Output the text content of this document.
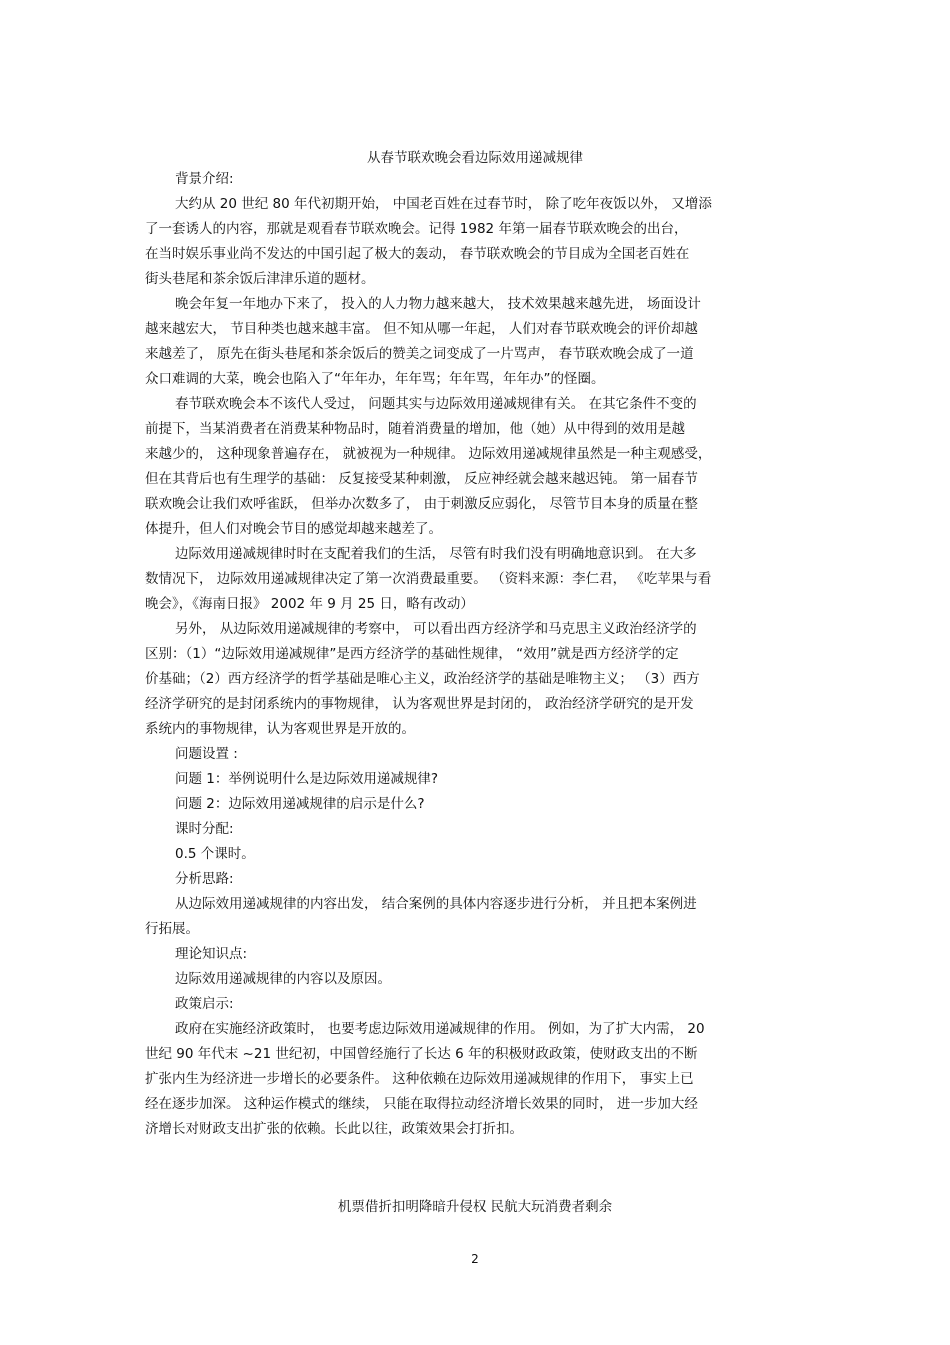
从春节联欢晚会看边际效用递减规律
背景介绍:
大约从 20 世纪 80 年代初期开始， 中国老百姓在过春节时， 除了吃年夜饭以外， 又增添
了一套诱人的内容，那就是观看春节联欢晚会。记得 1982 年第一届春节联欢晚会的出台，
在当时娱乐事业尚不发达的中国引起了极大的轰动， 春节联欢晚会的节目成为全国老百姓在
街头巷尾和茶余饭后津津乐道的题材。
晚会年复一年地办下来了， 投入的人力物力越来越大， 技术效果越来越先进， 场面设计
越来越宏大， 节目种类也越来越丰富。 但不知从哪一年起， 人们对春节联欢晚会的评价却越
来越差了， 原先在街头巷尾和茶余饭后的赞美之词变成了一片骂声， 春节联欢晚会成了一道
众口难调的大菜，晚会也陷入了“年年办，年年骂；年年骂，年年办”的怪圈。
春节联欢晚会本不该代人受过， 问题其实与边际效用递减规律有关。 在其它条件不变的
前提下，当某消费者在消费某种物品时，随着消费量的增加，他（她）从中得到的效用是越
来越少的， 这种现象普遍存在， 就被视为一种规律。 边际效用递减规律虽然是一种主观感受，
但在其背后也有生理学的基础： 反复接受某种刺激， 反应神经就会越来越迟钝。 第一届春节
联欢晚会让我们欢呼雀跃， 但举办次数多了， 由于刺激反应弱化， 尽管节目本身的质量在整
体提升，但人们对晚会节目的感觉却越来越差了。
边际效用递减规律时时在支配着我们的生活， 尽管有时我们没有明确地意识到。 在大多
数情况下， 边际效用递减规律决定了第一次消费最重要。 （资料来源：李仁君， 《吃苹果与看
晚会》，《海南日报》 2002 年 9 月 25 日，略有改动）
另外， 从边际效用递减规律的考察中， 可以看出西方经济学和马克思主义政治经济学的
区别：（1）“边际效用递减规律”是西方经济学的基础性规律， “效用”就是西方经济学的定
价基础；（2）西方经济学的哲学基础是唯心主义，政治经济学的基础是唯物主义； （3）西方
经济学研究的是封闭系统内的事物规律， 认为客观世界是封闭的， 政治经济学研究的是开发
系统内的事物规律，认为客观世界是开放的。
问题设置 :
问题 1：举例说明什么是边际效用递减规律?
问题 2：边际效用递减规律的启示是什么?
课时分配:
0.5 个课时。
分析思路:
从边际效用递减规律的内容出发， 结合案例的具体内容逐步进行分析， 并且把本案例进
行拓展。
理论知识点:
边际效用递减规律的内容以及原因。
政策启示:
政府在实施经济政策时， 也要考虑边际效用递减规律的作用。 例如，为了扩大内需， 20
世纪 90 年代末 ~21 世纪初，中国曾经施行了长达 6 年的积极财政政策，使财政支出的不断
扩张内生为经济进一步增长的必要条件。 这种依赖在边际效用递减规律的作用下， 事实上已
经在逐步加深。 这种运作模式的继续， 只能在取得拉动经济增长效果的同时， 进一步加大经
济增长对财政支出扩张的依赖。长此以往，政策效果会打折扣。
机票借折扣明降暗升侵权 民航大玩消费者剩余
2
